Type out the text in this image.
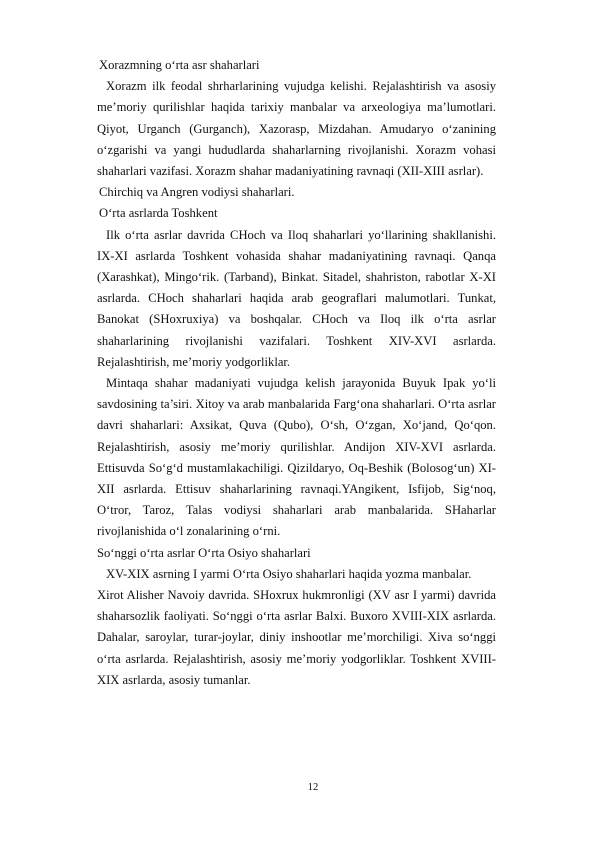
Xorazmning o‘rta asr shaharlari

Xorazm ilk feodal shrharlarining vujudga kelishi. Rejalashtirish va asosiy me’moriy qurilishlar haqida tarixiy manbalar va arxeologiya ma’lumotlari. Qiyot, Urganch (Gurganch), Xazorasp, Mizdahan. Amudaryo o‘zanining o‘zgarishi va yangi hududlarda shaharlarning rivojlanishi. Xorazm vohasi shaharlari vazifasi. Xorazm shahar madaniyatining ravnaqi (XII-XIII asrlar).

Chirchiq va Angren vodiysi shaharlari.

O‘rta asrlarda Toshkent

Ilk o‘rta asrlar davrida CHoch va Iloq shaharlari yo‘llarining shakllanishi. IX-XI asrlarda Toshkent vohasida shahar madaniyatining ravnaqi. Qanqa (Xarashkat), Mingo‘rik. (Tarband), Binkat. Sitadel, shahriston, rabotlar X-XI asrlarda. CHoch shaharlari haqida arab geograflari malumotlari. Tunkat, Banokat (SHoxruxiya) va boshqalar. CHoch va Iloq ilk o‘rta asrlar shaharlarining rivojlanishi vazifalari. Toshkent XIV-XVI asrlarda. Rejalashtirish, me’moriy yodgorliklar.

Mintaqa shahar madaniyati vujudga kelish jarayonida Buyuk Ipak yo‘li savdosining ta’siri. Xitoy va arab manbalarida Farg‘ona shaharlari. O‘rta asrlar davri shaharlari: Axsikat, Quva (Qubo), O‘sh, O‘zgan, Xo‘jand, Qo‘qon. Rejalashtirish, asosiy me’moriy qurilishlar. Andijon XIV-XVI asrlarda. Ettisuvda So‘g‘d mustamlakachiligi. Qizildaryo, Oq-Beshik (Bolosog‘un) XI-XII asrlarda. Ettisuv shaharlarining ravnaqi.YAngikent, Isfijob, Sig‘noq, O‘tror, Taroz, Talas vodiysi shaharlari arab manbalarida. SHaharlar rivojlanishida o‘l zonalarining o‘rni.

So‘nggi o‘rta asrlar O‘rta Osiyo shaharlari

XV-XIX asrning I yarmi O‘rta Osiyo shaharlari haqida yozma manbalar.

Xirot Alisher Navoiy davrida. SHoxrux hukmronligi (XV asr I yarmi) davrida shaharsozlik faoliyati. So‘nggi o‘rta asrlar Balxi. Buxoro XVIII-XIX asrlarda. Dahalar, saroylar, turar-joylar, diniy inshootlar me’morchiligi. Xiva so‘nggi o‘rta asrlarda. Rejalashtirish, asosiy me’moriy yodgorliklar. Toshkent XVIII-XIX asrlarda, asosiy tumanlar.

12
